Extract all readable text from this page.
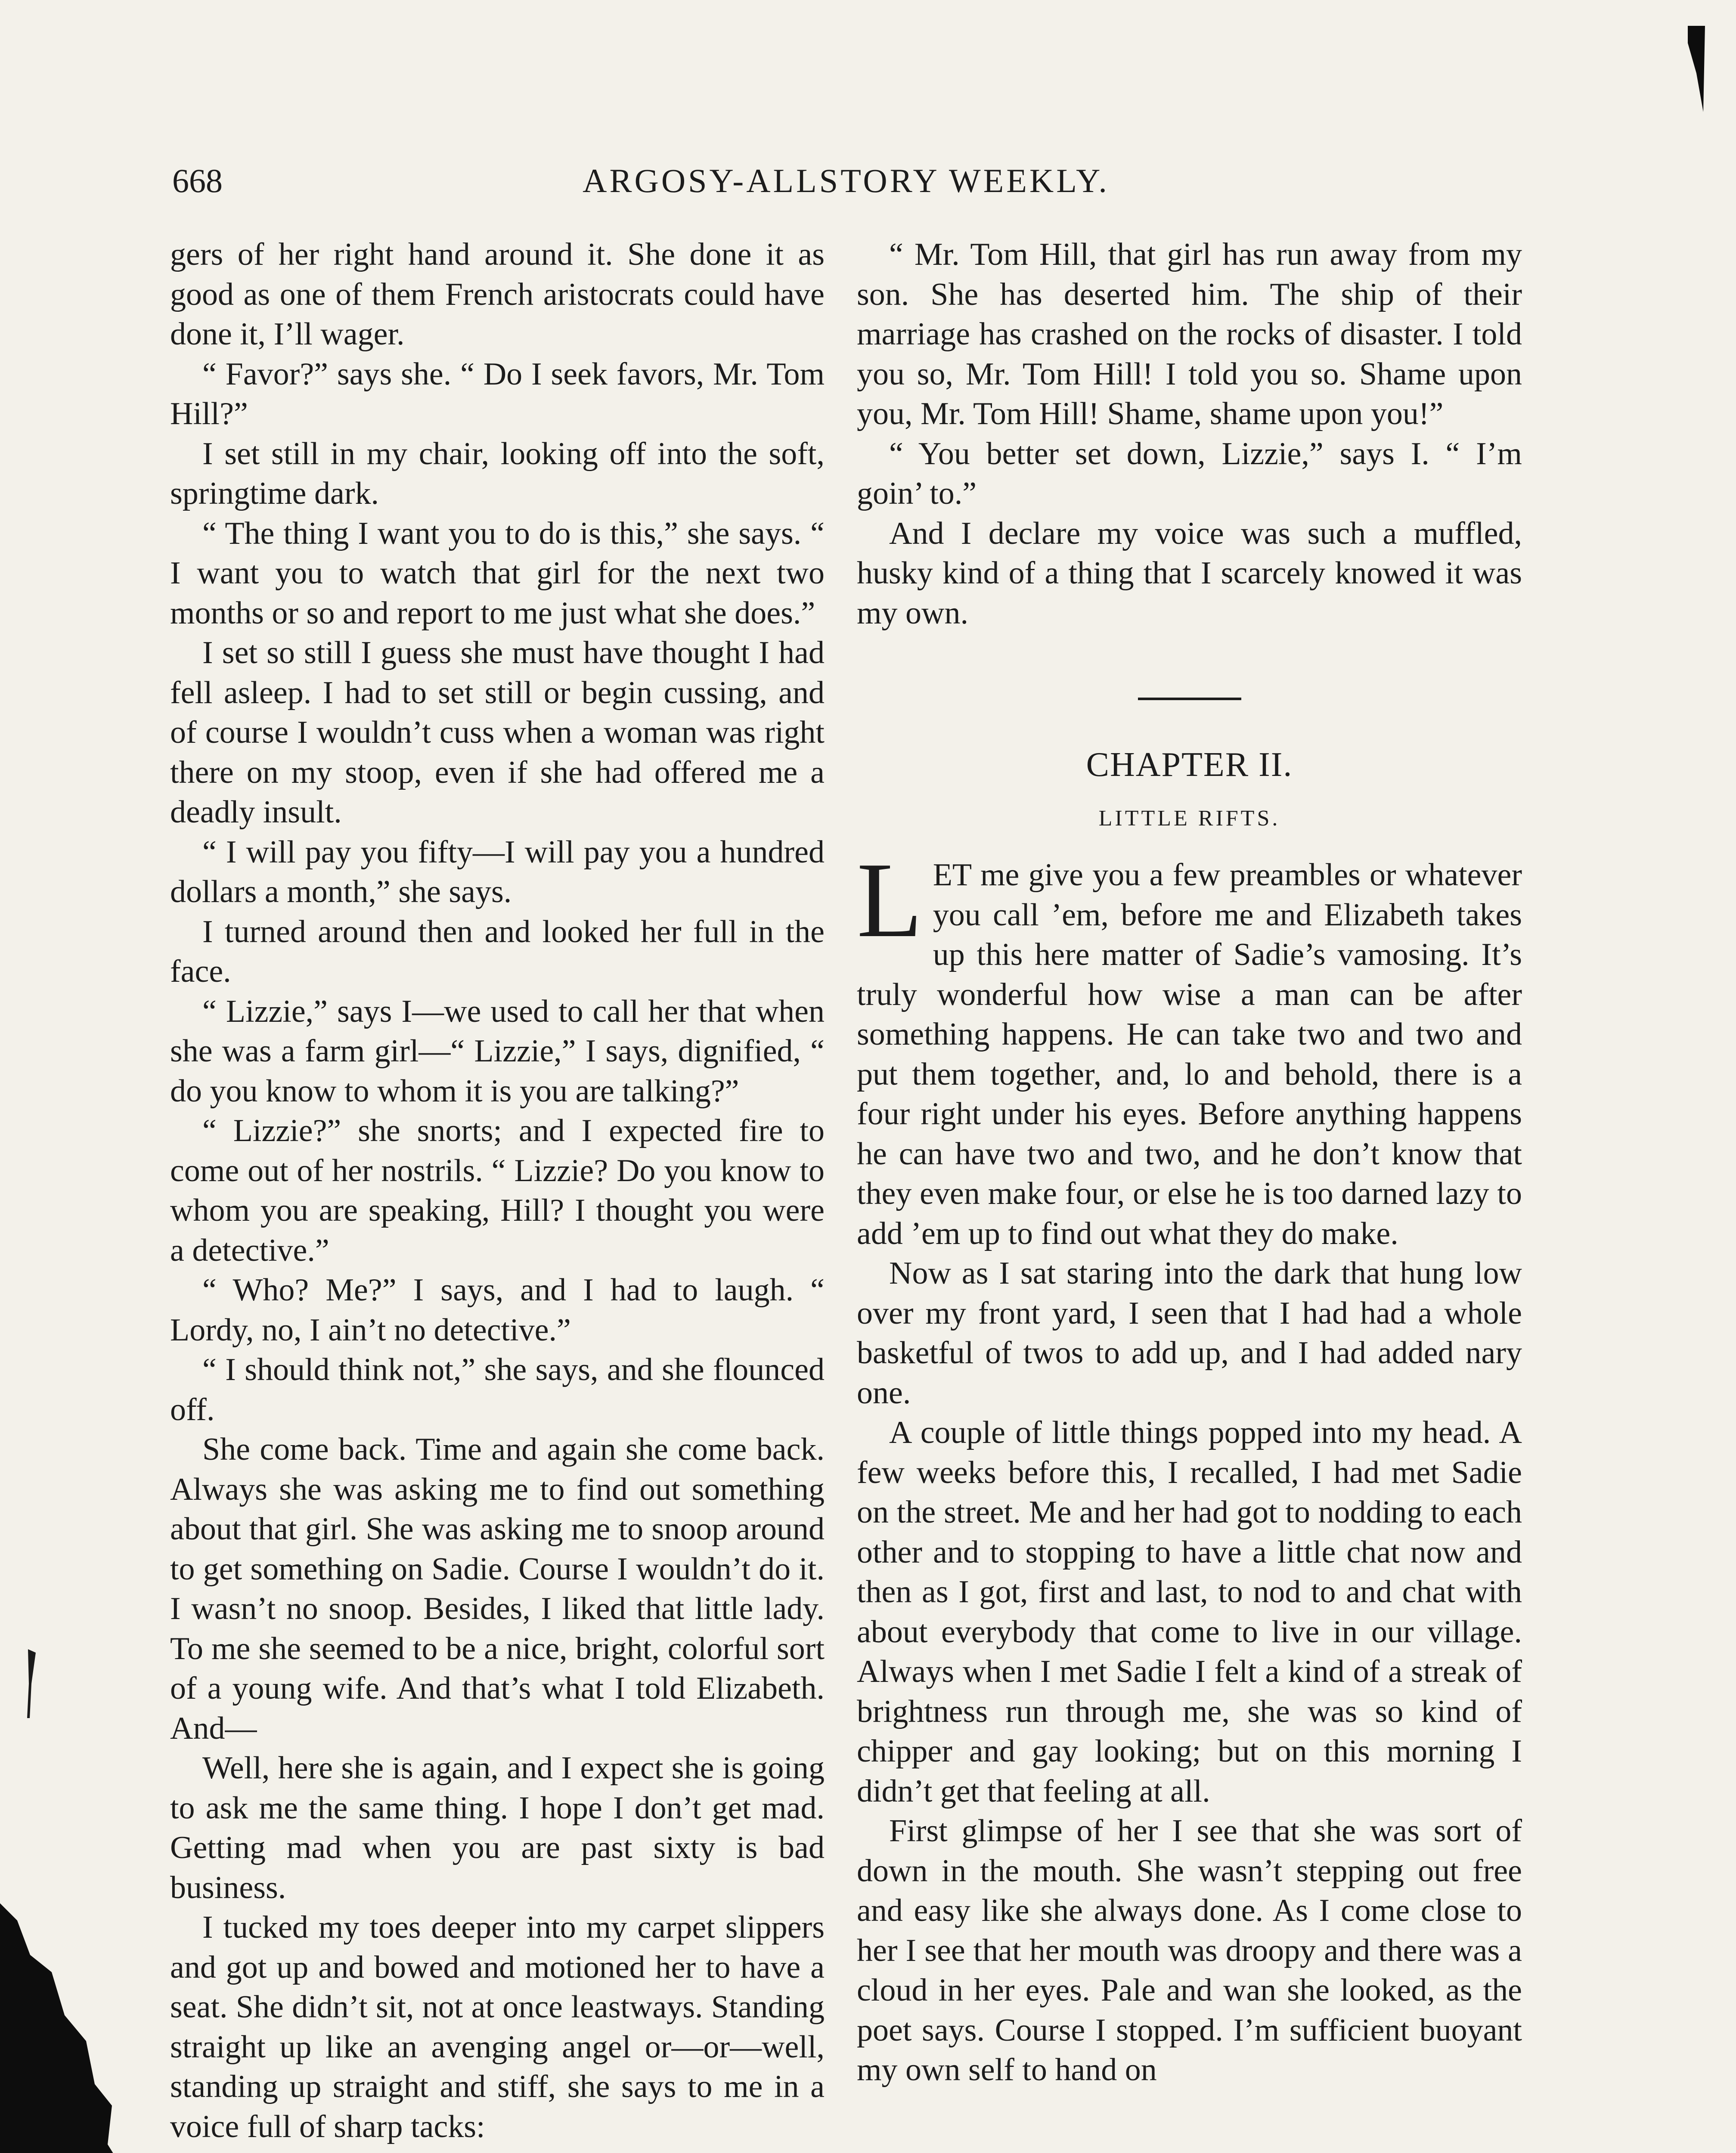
668	ARGOSY-ALLSTORY WEEKLY.

gers of her right hand around it. She done it as good as one of them French aristocrats could have done it, I’ll wager.

“ Favor?” says she. “ Do I seek favors, Mr. Tom Hill?”

I set still in my chair, looking off into the soft, springtime dark.

“ The thing I want you to do is this,” she says. “ I want you to watch that girl for the next two months or so and report to me just what she does.”

I set so still I guess she must have thought I had fell asleep. I had to set still or begin cussing, and of course I wouldn’t cuss when a woman was right there on my stoop, even if she had offered me a deadly insult.

“ I will pay you fifty—I will pay you a hundred dollars a month,” she says.

I turned around then and looked her full in the face.

“ Lizzie,” says I—we used to call her that when she was a farm girl—“ Lizzie,” I says, dignified, “ do you know to whom it is you are talking?”

“ Lizzie?” she snorts; and I expected fire to come out of her nostrils. “ Lizzie? Do you know to whom you are speaking, Hill? I thought you were a detective.”

“ Who? Me?” I says, and I had to laugh. “ Lordy, no, I ain’t no detective.”

“ I should think not,” she says, and she flounced off.

She come back. Time and again she come back. Always she was asking me to find out something about that girl. She was asking me to snoop around to get something on Sadie. Course I wouldn’t do it. I wasn’t no snoop. Besides, I liked that little lady. To me she seemed to be a nice, bright, colorful sort of a young wife. And that’s what I told Elizabeth. And—

Well, here she is again, and I expect she is going to ask me the same thing. I hope I don’t get mad. Getting mad when you are past sixty is bad business.

I tucked my toes deeper into my carpet slippers and got up and bowed and motioned her to have a seat. She didn’t sit, not at once leastways. Standing straight up like an avenging angel or—or—well, standing up straight and stiff, she says to me in a voice full of sharp tacks:

“ Mr. Tom Hill, that girl has run away from my son. She has deserted him. The ship of their marriage has crashed on the rocks of disaster. I told you so, Mr. Tom Hill! I told you so. Shame upon you, Mr. Tom Hill! Shame, shame upon you!”

“ You better set down, Lizzie,” says I. “ I’m goin’ to.”

And I declare my voice was such a muffled, husky kind of a thing that I scarcely knowed it was my own.

CHAPTER II.
LITTLE RIFTS.

LET me give you a few preambles or whatever you call ’em, before me and Elizabeth takes up this here matter of Sadie’s vamosing. It’s truly wonderful how wise a man can be after something happens. He can take two and two and put them together, and, lo and behold, there is a four right under his eyes. Before anything happens he can have two and two, and he don’t know that they even make four, or else he is too darned lazy to add ’em up to find out what they do make.

Now as I sat staring into the dark that hung low over my front yard, I seen that I had had a whole basketful of twos to add up, and I had added nary one.

A couple of little things popped into my head. A few weeks before this, I recalled, I had met Sadie on the street. Me and her had got to nodding to each other and to stopping to have a little chat now and then as I got, first and last, to nod to and chat with about everybody that come to live in our village. Always when I met Sadie I felt a kind of a streak of brightness run through me, she was so kind of chipper and gay looking; but on this morning I didn’t get that feeling at all.

First glimpse of her I see that she was sort of down in the mouth. She wasn’t stepping out free and easy like she always done. As I come close to her I see that her mouth was droopy and there was a cloud in her eyes. Pale and wan she looked, as the poet says. Course I stopped. I’m sufficient buoyant my own self to hand on
